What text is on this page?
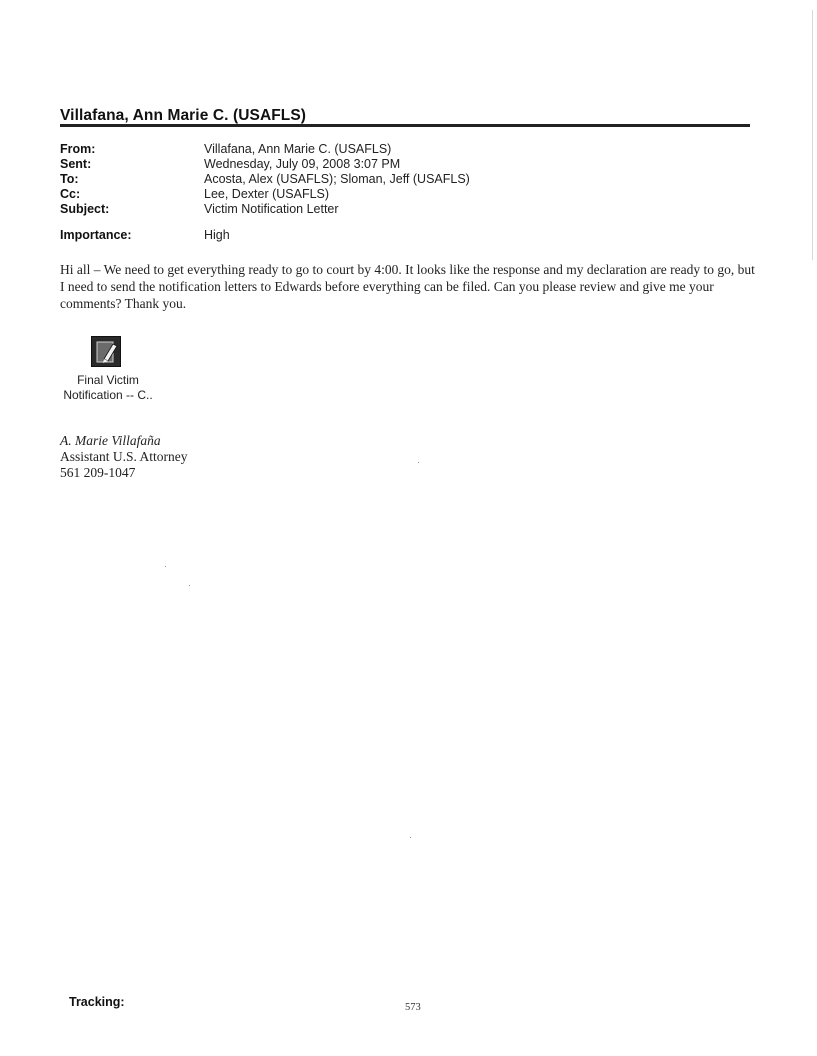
Villafana, Ann Marie C. (USAFLS)
From:	Villafana, Ann Marie C. (USAFLS)
Sent:	Wednesday, July 09, 2008 3:07 PM
To:	Acosta, Alex (USAFLS); Sloman, Jeff (USAFLS)
Cc:	Lee, Dexter (USAFLS)
Subject:	Victim Notification Letter
Importance:	High
Hi all – We need to get everything ready to go to court by 4:00. It looks like the response and my declaration are ready to go, but I need to send the notification letters to Edwards before everything can be filed. Can you please review and give me your comments? Thank you.
Final Victim
Notification -- C..
A. Marie Villafaña
Assistant U.S. Attorney
561 209-1047
Tracking:	573
